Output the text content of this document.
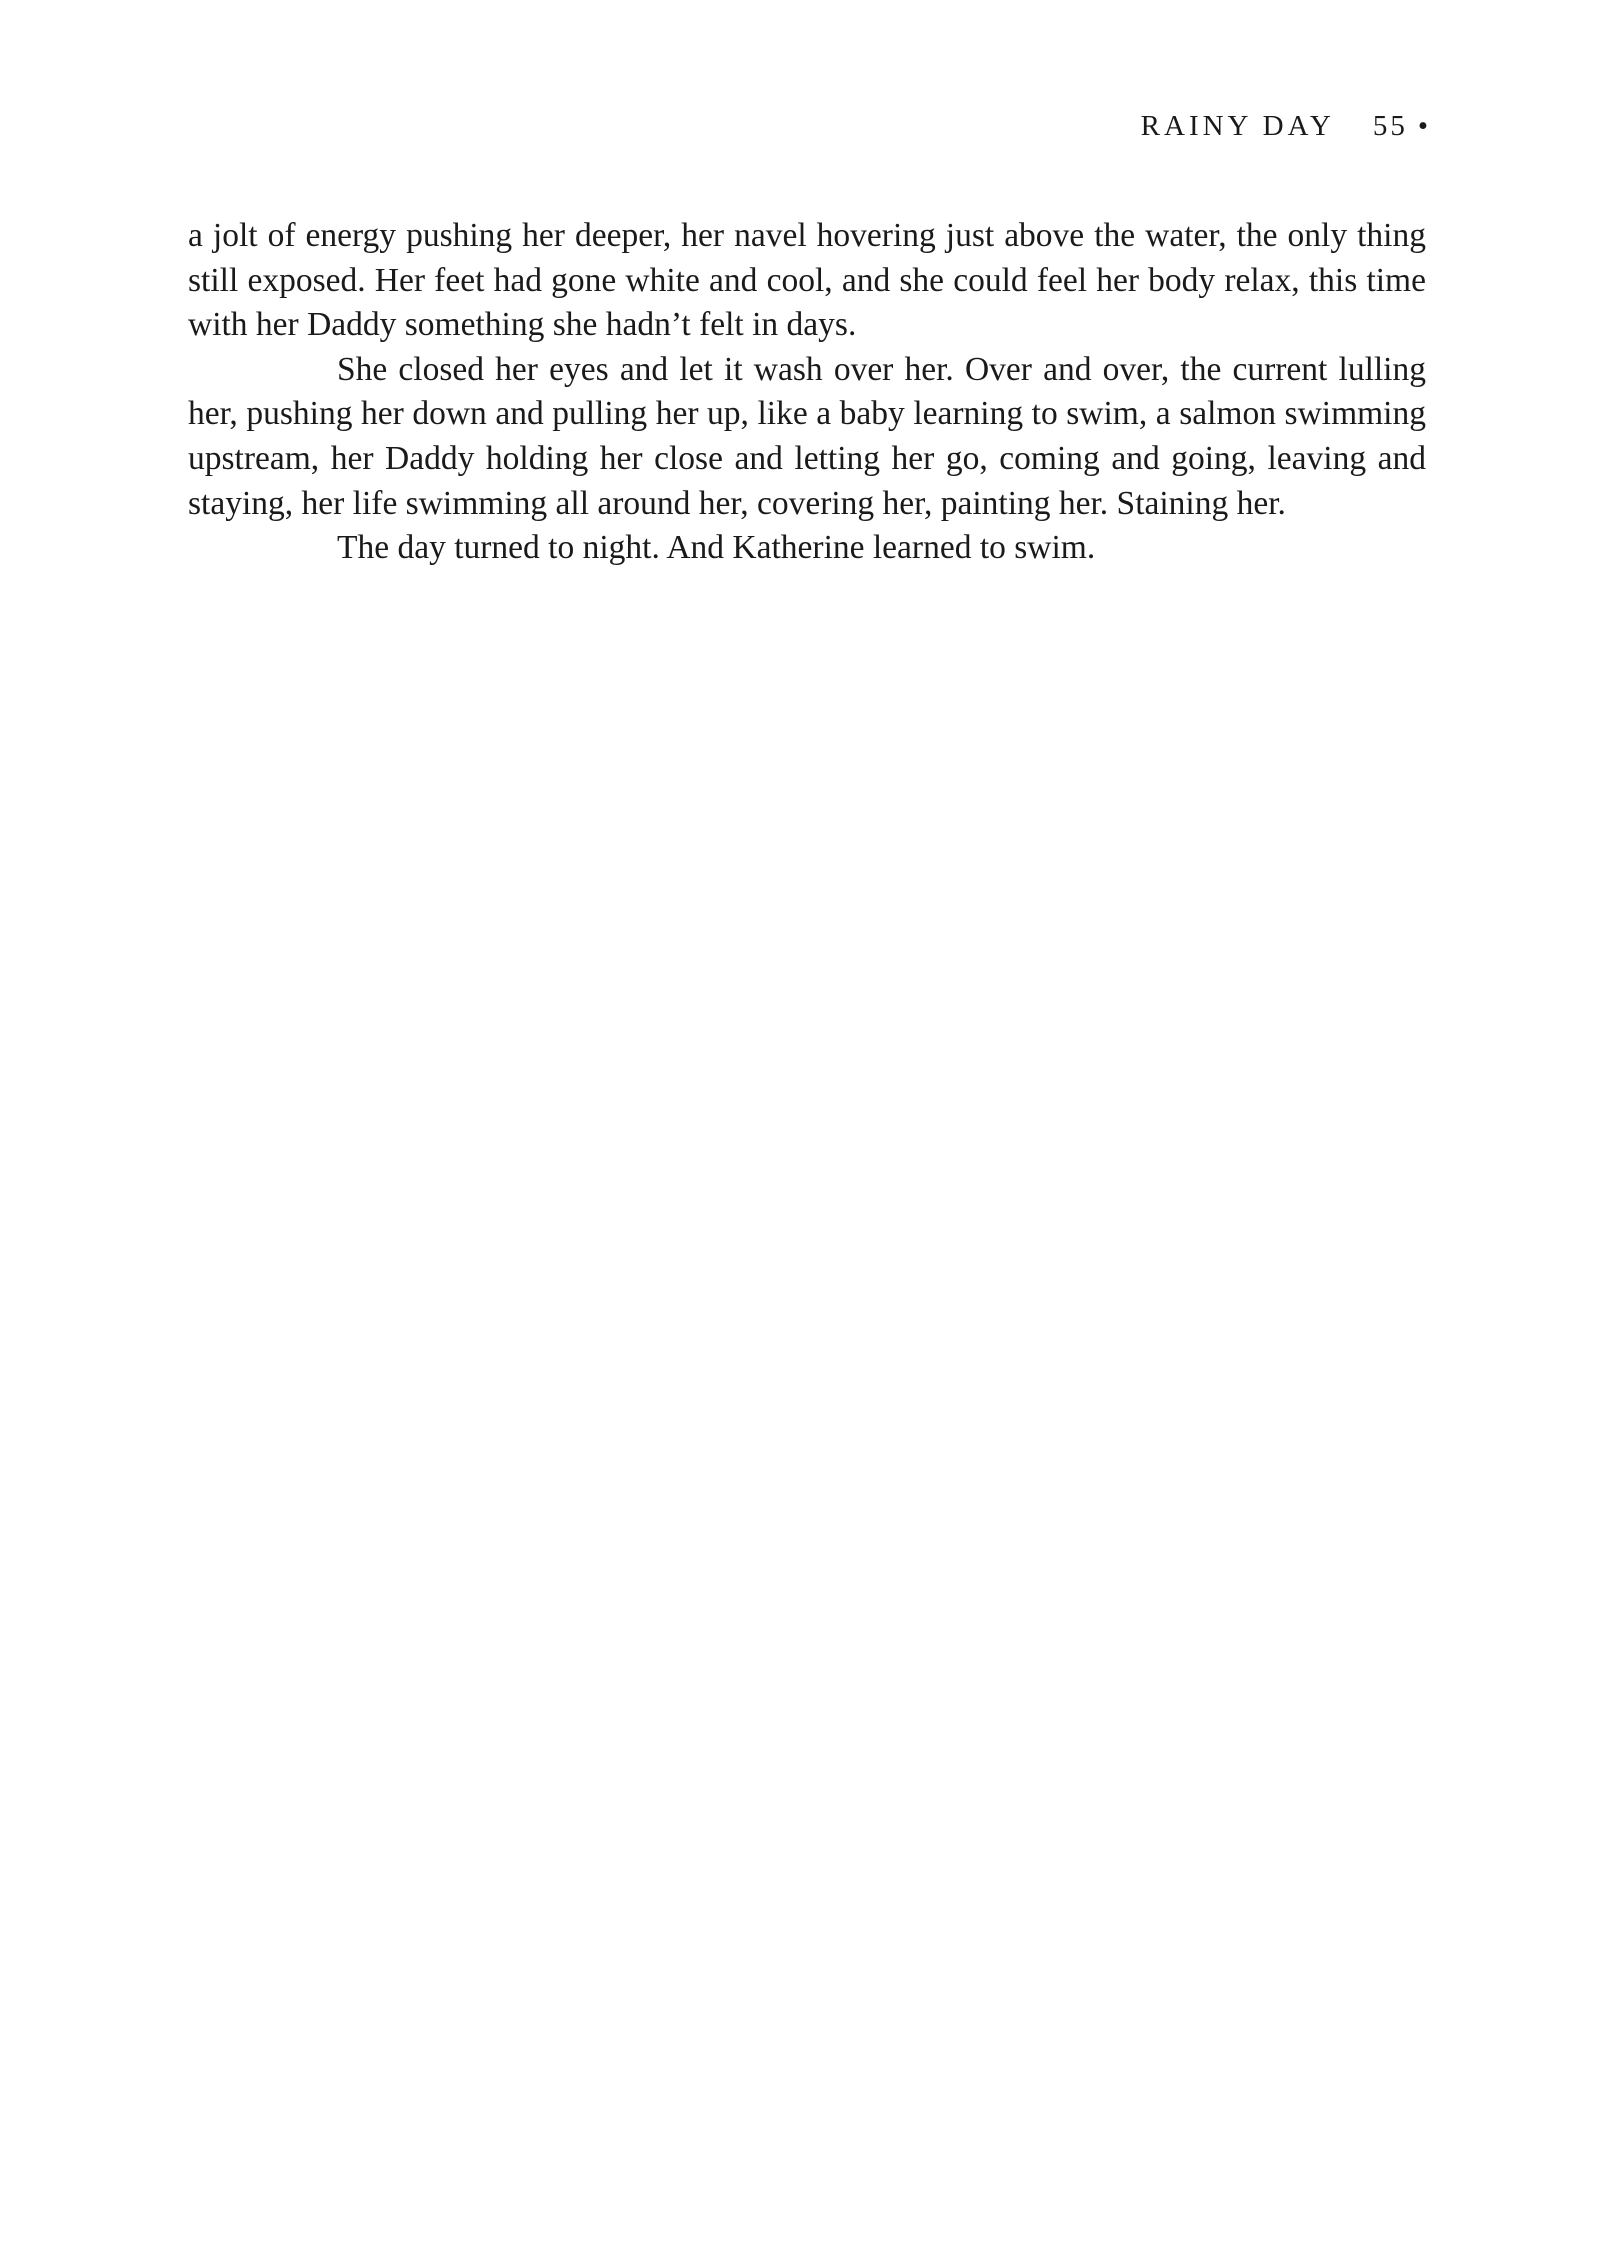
RAINY DAY 55 •

a jolt of energy pushing her deeper, her navel hovering just above the water, the only thing still exposed. Her feet had gone white and cool, and she could feel her body relax, this time with her Daddy something she hadn’t felt in days.

She closed her eyes and let it wash over her. Over and over, the current lulling her, pushing her down and pulling her up, like a baby learning to swim, a salmon swimming upstream, her Daddy holding her close and letting her go, coming and going, leaving and staying, her life swimming all around her, covering her, painting her. Staining her.

The day turned to night. And Katherine learned to swim.
